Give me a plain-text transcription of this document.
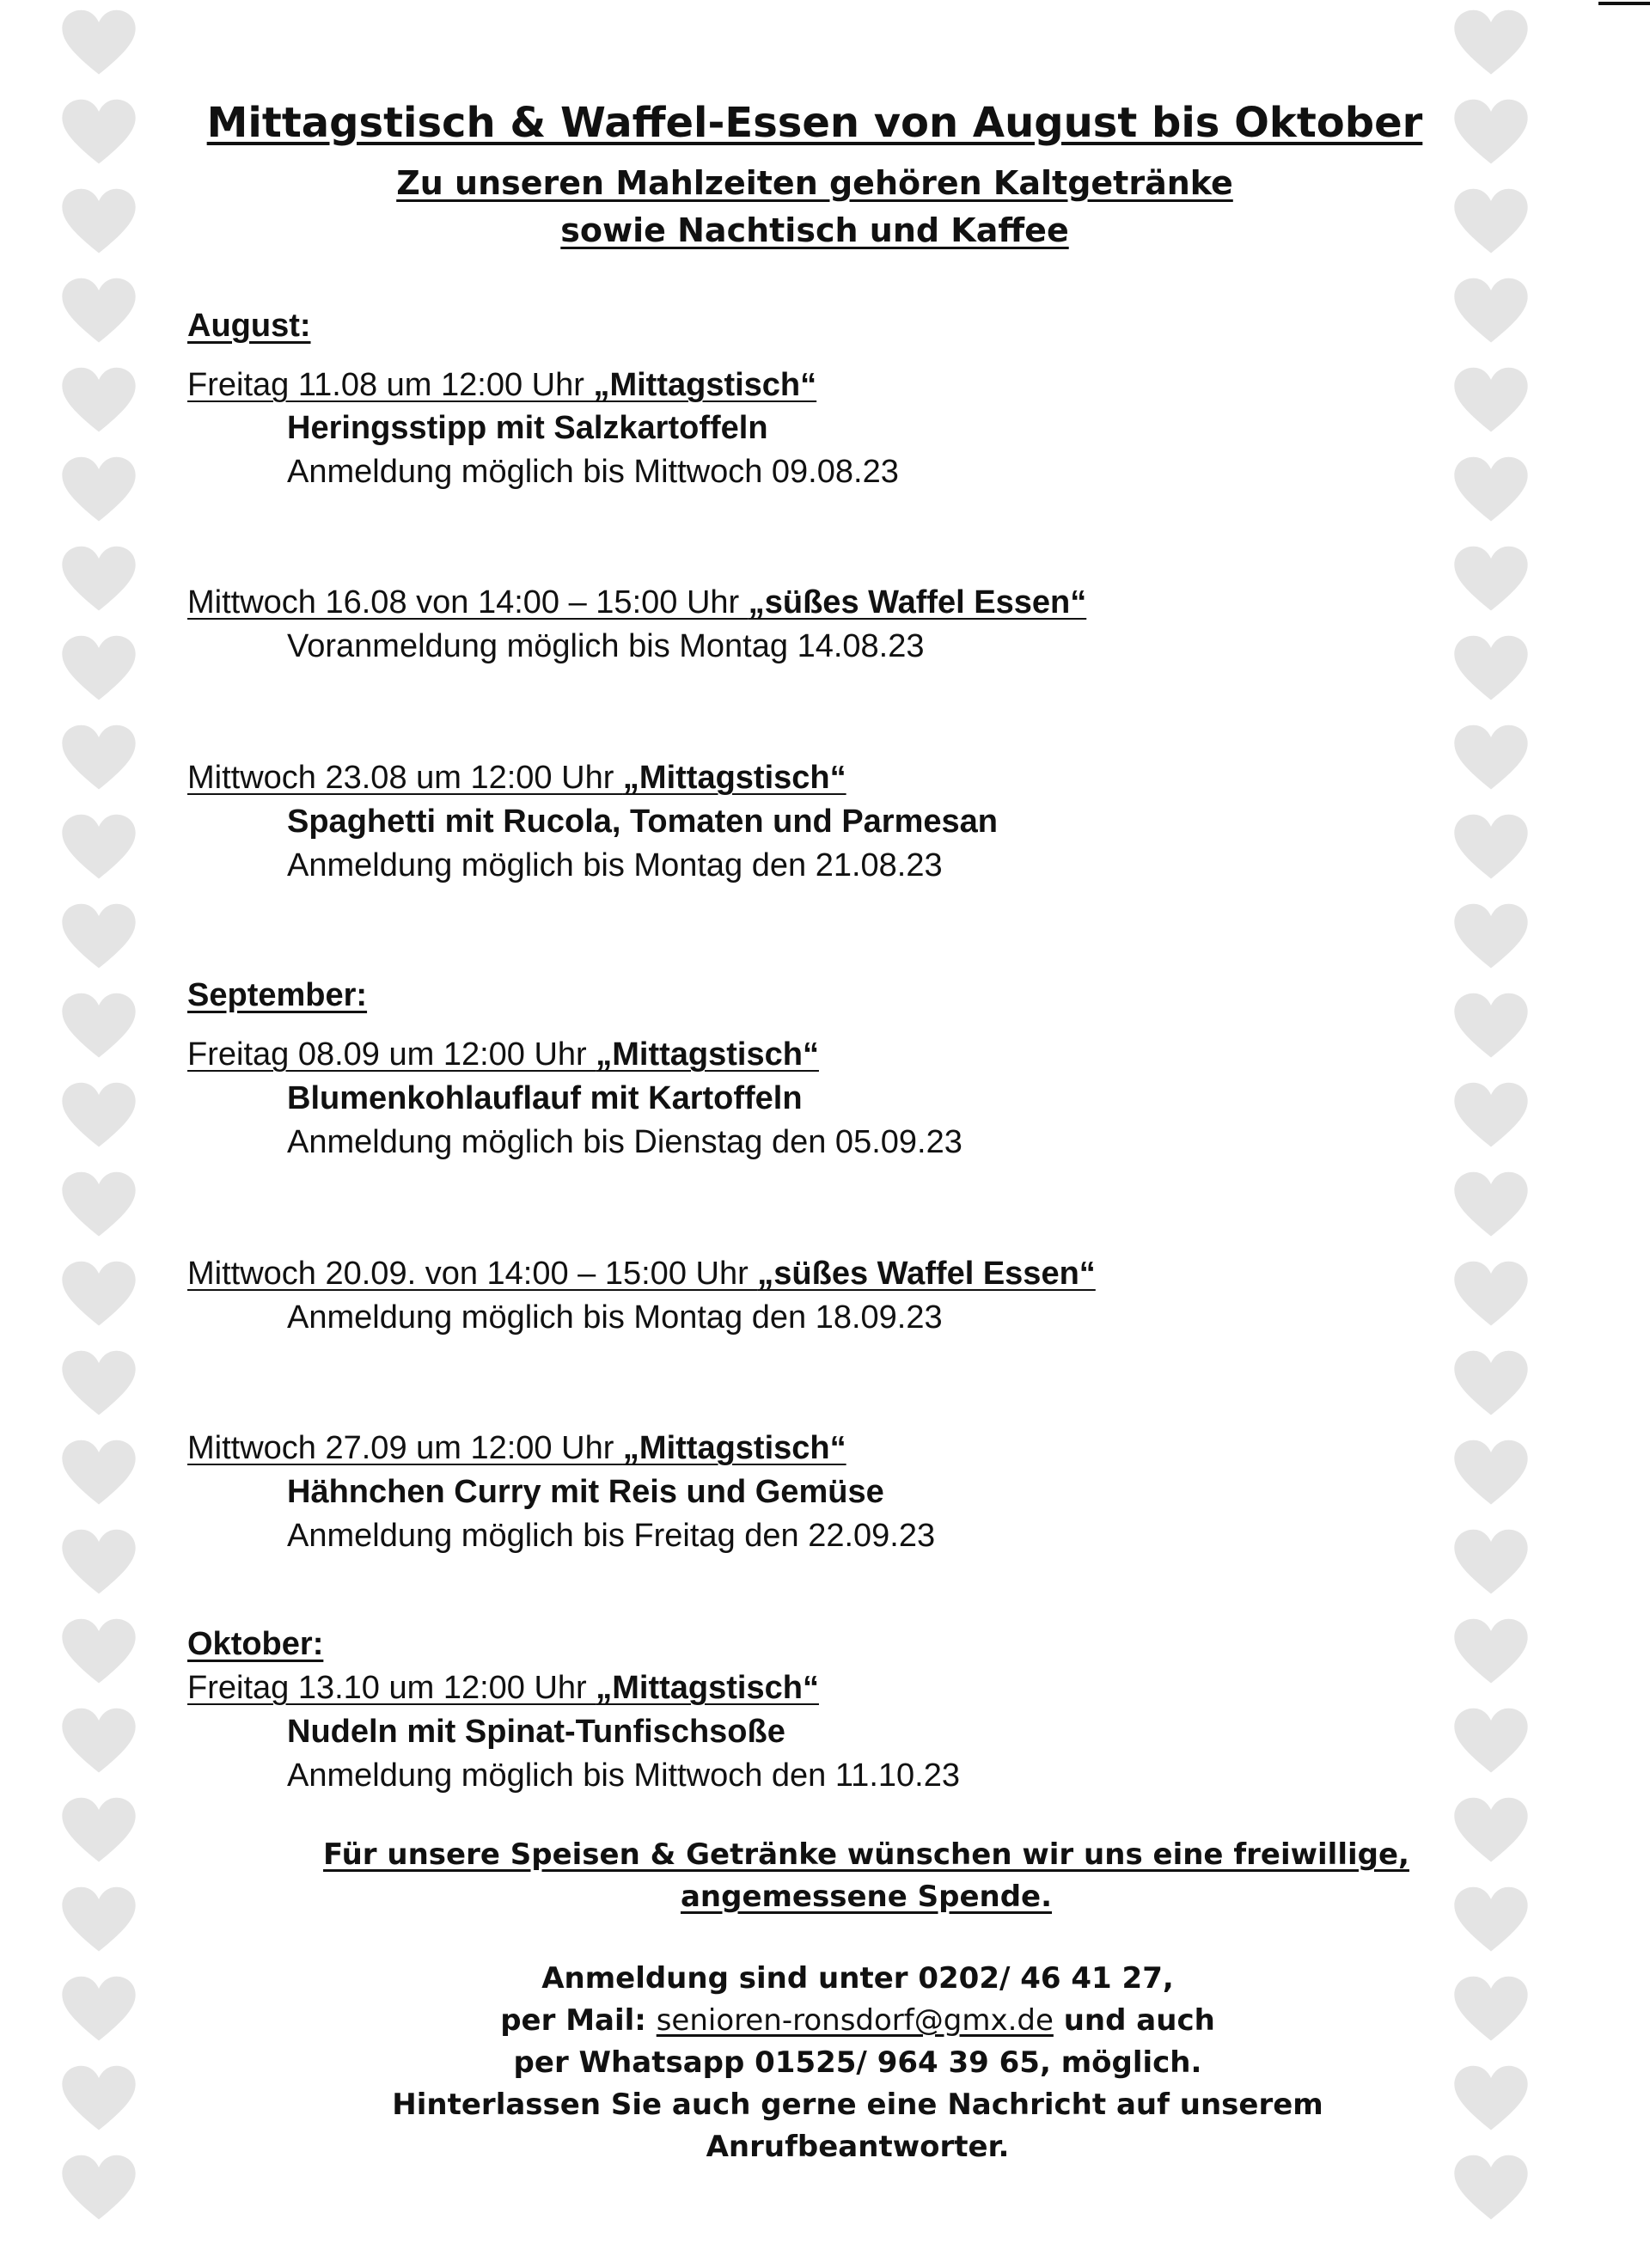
Mittagstisch & Waffel-Essen von August bis Oktober
Zu unseren Mahlzeiten gehören Kaltgetränke
sowie Nachtisch und Kaffee
August:
Freitag 11.08 um 12:00 Uhr „Mittagstisch“
Heringsstipp mit Salzkartoffeln
Anmeldung möglich bis Mittwoch 09.08.23
Mittwoch 16.08 von 14:00 – 15:00 Uhr „süßes Waffel Essen“
Voranmeldung möglich bis Montag 14.08.23
Mittwoch 23.08 um 12:00 Uhr „Mittagstisch“
Spaghetti mit Rucola, Tomaten und Parmesan
Anmeldung möglich bis Montag den 21.08.23
September:
Freitag 08.09 um 12:00 Uhr „Mittagstisch“
Blumenkohlauflauf mit Kartoffeln
Anmeldung möglich bis Dienstag den 05.09.23
Mittwoch 20.09. von 14:00 – 15:00 Uhr „süßes Waffel Essen“
Anmeldung möglich bis Montag den 18.09.23
Mittwoch 27.09 um 12:00 Uhr „Mittagstisch“
Hähnchen Curry mit Reis und Gemüse
Anmeldung möglich bis Freitag den 22.09.23
Oktober:
Freitag 13.10 um 12:00 Uhr „Mittagstisch“
Nudeln mit Spinat-Tunfischsoße
Anmeldung möglich bis Mittwoch den 11.10.23
Für unsere Speisen & Getränke wünschen wir uns eine freiwillige,
angemessene Spende.
Anmeldung sind unter 0202/ 46 41 27,
per Mail: senioren-ronsdorf@gmx.de und auch
per Whatsapp 01525/ 964 39 65, möglich.
Hinterlassen Sie auch gerne eine Nachricht auf unserem
Anrufbeantworter.
